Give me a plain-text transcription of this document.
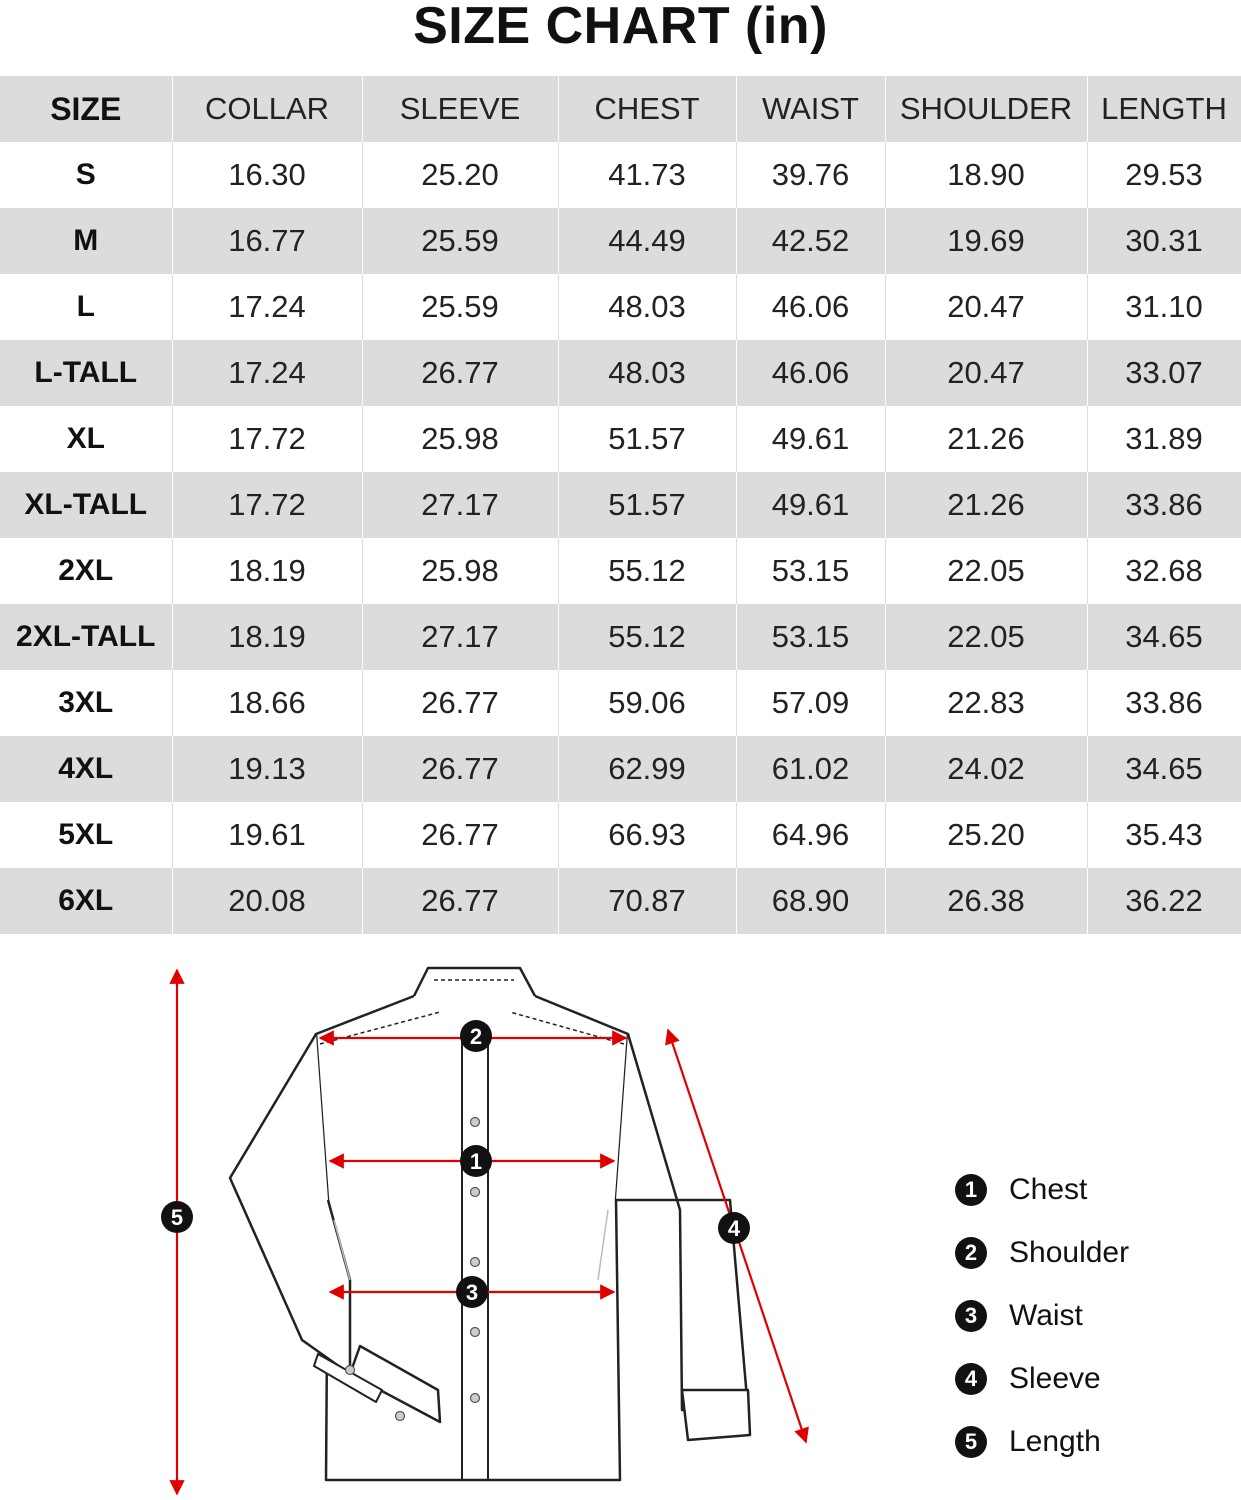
SIZE CHART (in)
SIZE	COLLAR	SLEEVE	CHEST	WAIST	SHOULDER	LENGTH
S	16.30	25.20	41.73	39.76	18.90	29.53
M	16.77	25.59	44.49	42.52	19.69	30.31
L	17.24	25.59	48.03	46.06	20.47	31.10
L-TALL	17.24	26.77	48.03	46.06	20.47	33.07
XL	17.72	25.98	51.57	49.61	21.26	31.89
XL-TALL	17.72	27.17	51.57	49.61	21.26	33.86
2XL	18.19	25.98	55.12	53.15	22.05	32.68
2XL-TALL	18.19	27.17	55.12	53.15	22.05	34.65
3XL	18.66	26.77	59.06	57.09	22.83	33.86
4XL	19.13	26.77	62.99	61.02	24.02	34.65
5XL	19.61	26.77	66.93	64.96	25.20	35.43
6XL	20.08	26.77	70.87	68.90	26.38	36.22
1
2
3
4
5
1	Chest
2	Shoulder
3	Waist
4	Sleeve
5	Length
